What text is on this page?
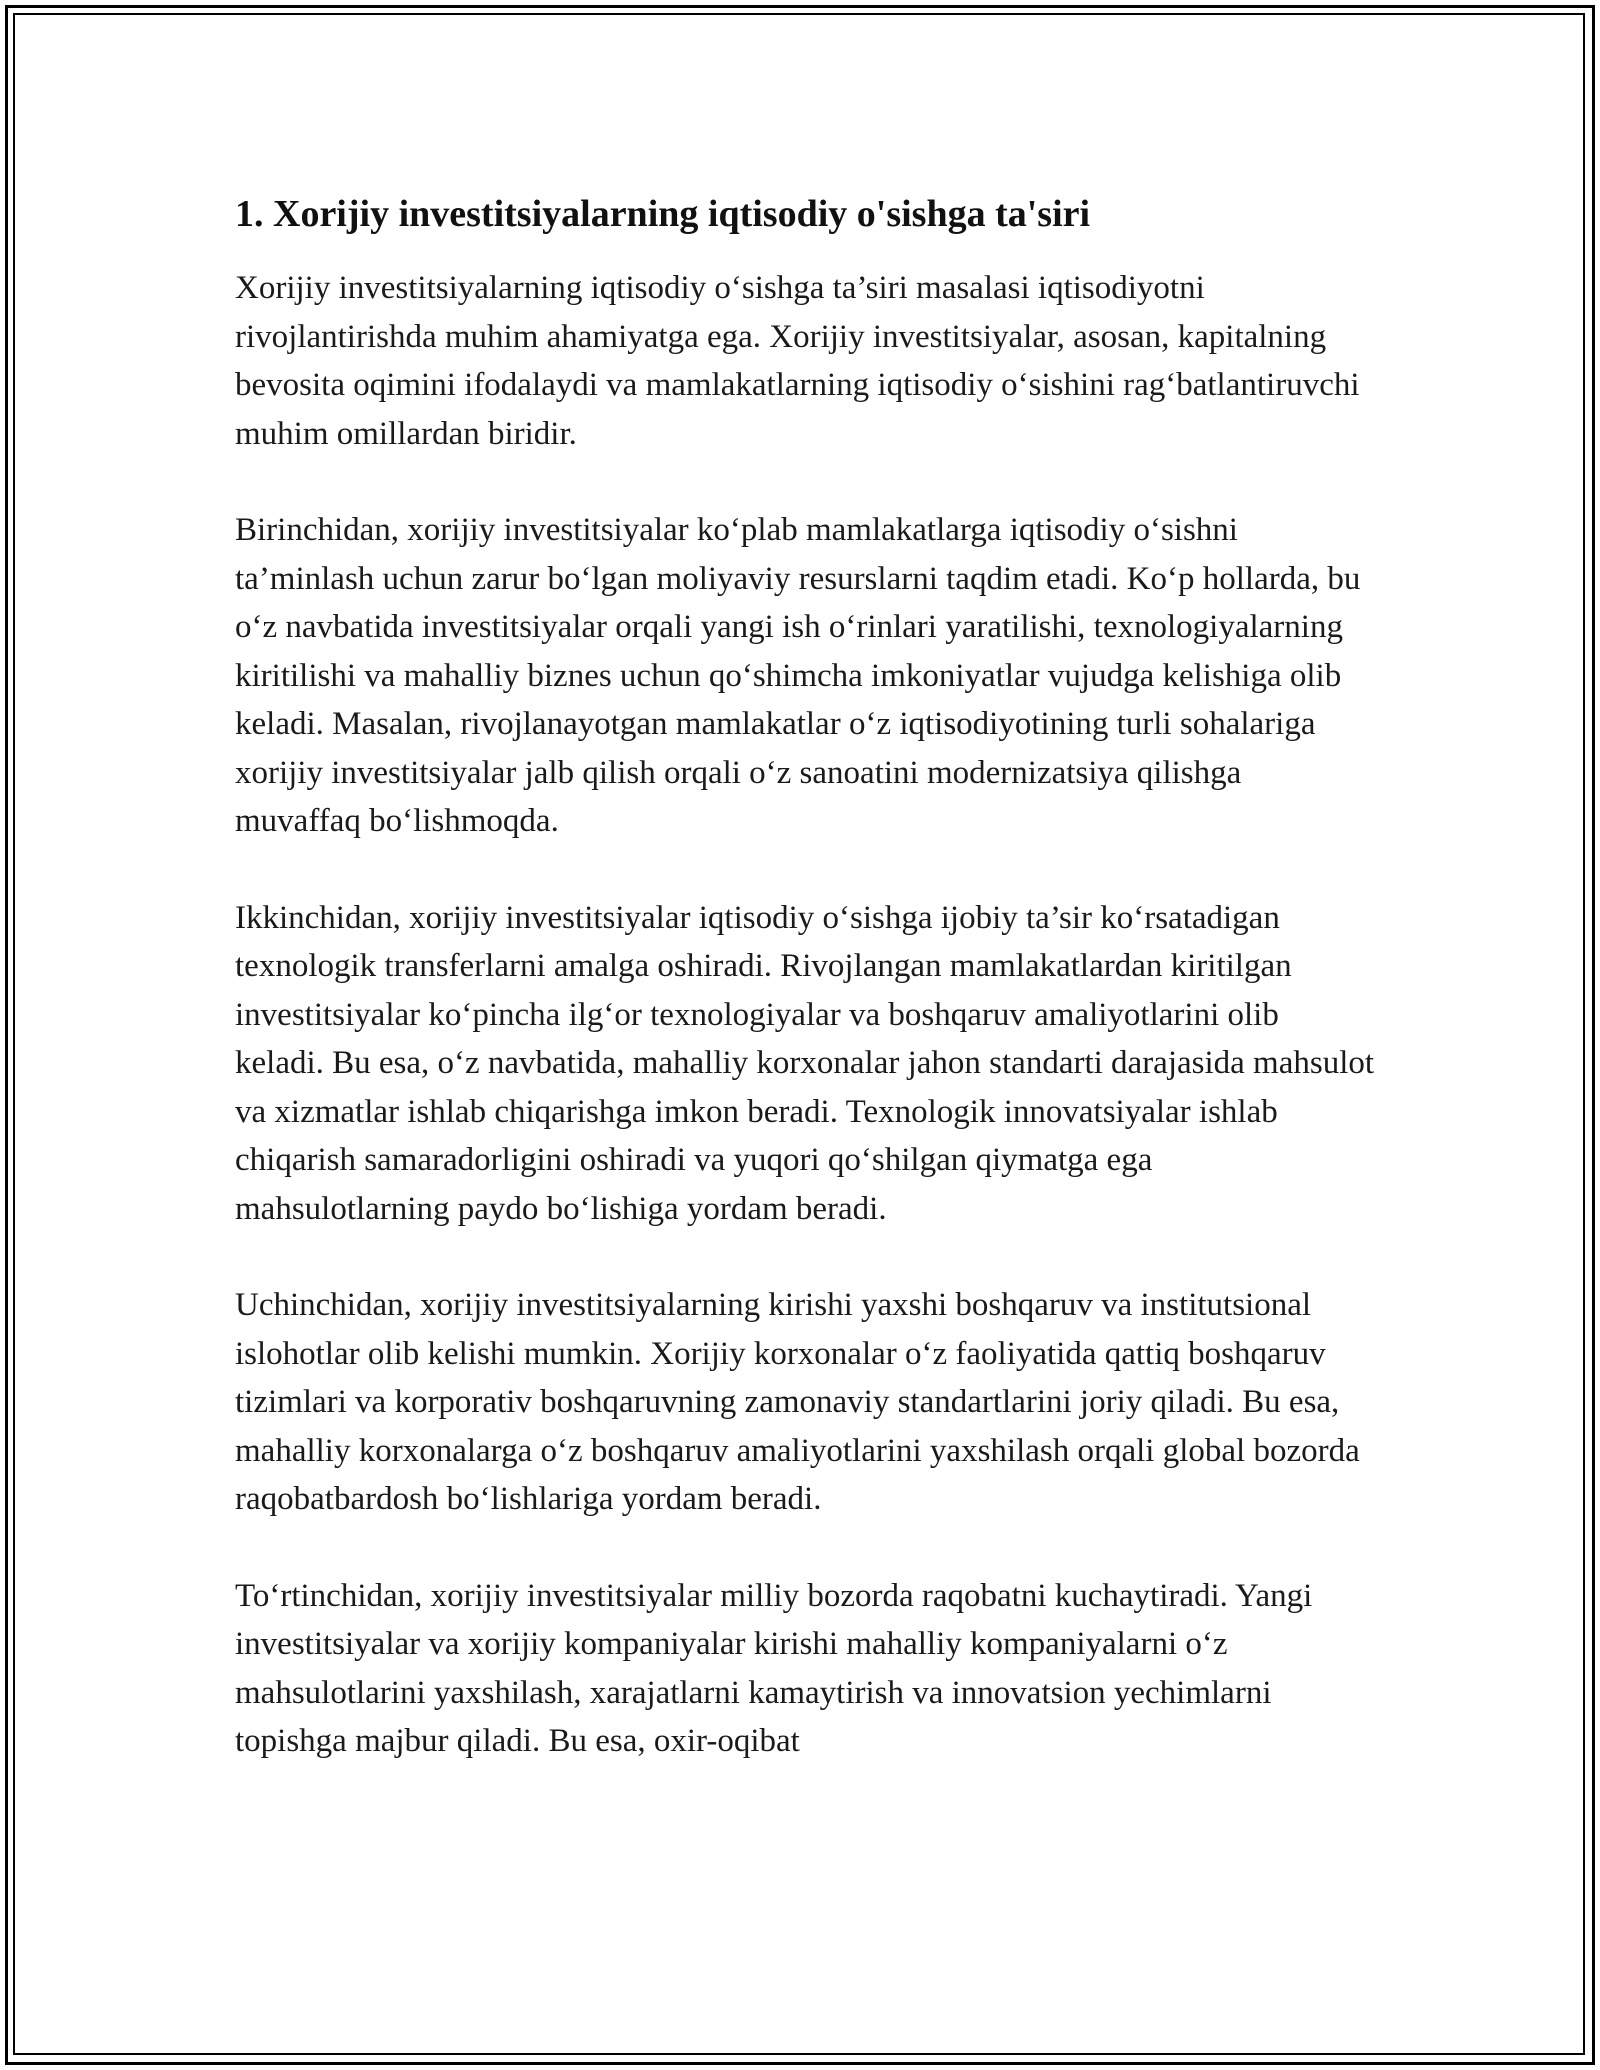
1. Xorijiy investitsiyalarning iqtisodiy o'sishga ta'siri

Xorijiy investitsiyalarning iqtisodiy o‘sishga ta’siri masalasi iqtisodiyotni rivojlantirishda muhim ahamiyatga ega. Xorijiy investitsiyalar, asosan, kapitalning bevosita oqimini ifodalaydi va mamlakatlarning iqtisodiy o‘sishini rag‘batlantiruvchi muhim omillardan biridir.

Birinchidan, xorijiy investitsiyalar ko‘plab mamlakatlarga iqtisodiy o‘sishni ta’minlash uchun zarur bo‘lgan moliyaviy resurslarni taqdim etadi. Ko‘p hollarda, bu o‘z navbatida investitsiyalar orqali yangi ish o‘rinlari yaratilishi, texnologiyalarning kiritilishi va mahalliy biznes uchun qo‘shimcha imkoniyatlar vujudga kelishiga olib keladi. Masalan, rivojlanayotgan mamlakatlar o‘z iqtisodiyotining turli sohalariga xorijiy investitsiyalar jalb qilish orqali o‘z sanoatini modernizatsiya qilishga muvaffaq bo‘lishmoqda.

Ikkinchidan, xorijiy investitsiyalar iqtisodiy o‘sishga ijobiy ta’sir ko‘rsatadigan texnologik transferlarni amalga oshiradi. Rivojlangan mamlakatlardan kiritilgan investitsiyalar ko‘pincha ilg‘or texnologiyalar va boshqaruv amaliyotlarini olib keladi. Bu esa, o‘z navbatida, mahalliy korxonalar jahon standarti darajasida mahsulot va xizmatlar ishlab chiqarishga imkon beradi. Texnologik innovatsiyalar ishlab chiqarish samaradorligini oshiradi va yuqori qo‘shilgan qiymatga ega mahsulotlarning paydo bo‘lishiga yordam beradi.

Uchinchidan, xorijiy investitsiyalarning kirishi yaxshi boshqaruv va institutsional islohotlar olib kelishi mumkin. Xorijiy korxonalar o‘z faoliyatida qattiq boshqaruv tizimlari va korporativ boshqaruvning zamonaviy standartlarini joriy qiladi. Bu esa, mahalliy korxonalarga o‘z boshqaruv amaliyotlarini yaxshilash orqali global bozorda raqobatbardosh bo‘lishlariga yordam beradi.

To‘rtinchidan, xorijiy investitsiyalar milliy bozorda raqobatni kuchaytiradi. Yangi investitsiyalar va xorijiy kompaniyalar kirishi mahalliy kompaniyalarni o‘z mahsulotlarini yaxshilash, xarajatlarni kamaytirish va innovatsion yechimlarni topishga majbur qiladi. Bu esa, oxir-oqibat
